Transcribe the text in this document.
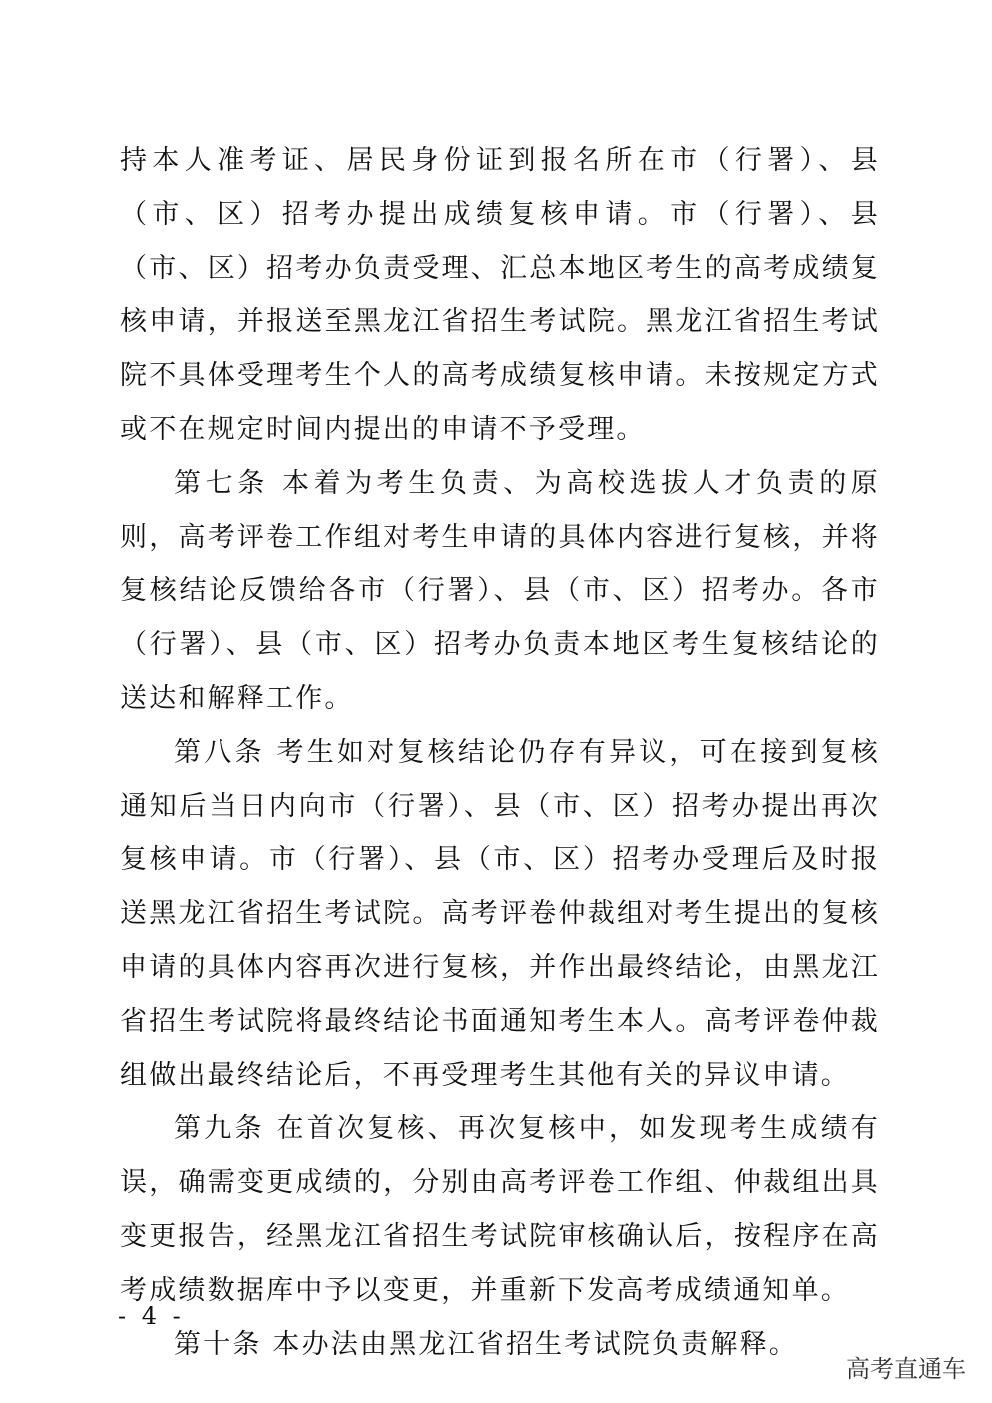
持本人准考证、居民身份证到报名所在市（行署）、县（市、区）招考办提出成绩复核申请。市（行署）、县（市、区）招考办负责受理、汇总本地区考生的高考成绩复核申请，并报送至黑龙江省招生考试院。黑龙江省招生考试院不具体受理考生个人的高考成绩复核申请。未按规定方式或不在规定时间内提出的申请不予受理。

第七条 本着为考生负责、为高校选拔人才负责的原则，高考评卷工作组对考生申请的具体内容进行复核，并将复核结论反馈给各市（行署）、县（市、区）招考办。各市（行署）、县（市、区）招考办负责本地区考生复核结论的送达和解释工作。

第八条 考生如对复核结论仍存有异议，可在接到复核通知后当日内向市（行署）、县（市、区）招考办提出再次复核申请。市（行署）、县（市、区）招考办受理后及时报送黑龙江省招生考试院。高考评卷仲裁组对考生提出的复核申请的具体内容再次进行复核，并作出最终结论，由黑龙江省招生考试院将最终结论书面通知考生本人。高考评卷仲裁组做出最终结论后，不再受理考生其他有关的异议申请。

第九条 在首次复核、再次复核中，如发现考生成绩有误，确需变更成绩的，分别由高考评卷工作组、仲裁组出具变更报告，经黑龙江省招生考试院审核确认后，按程序在高考成绩数据库中予以变更，并重新下发高考成绩通知单。

第十条 本办法由黑龙江省招生考试院负责解释。

- 4 -
高考直通车
